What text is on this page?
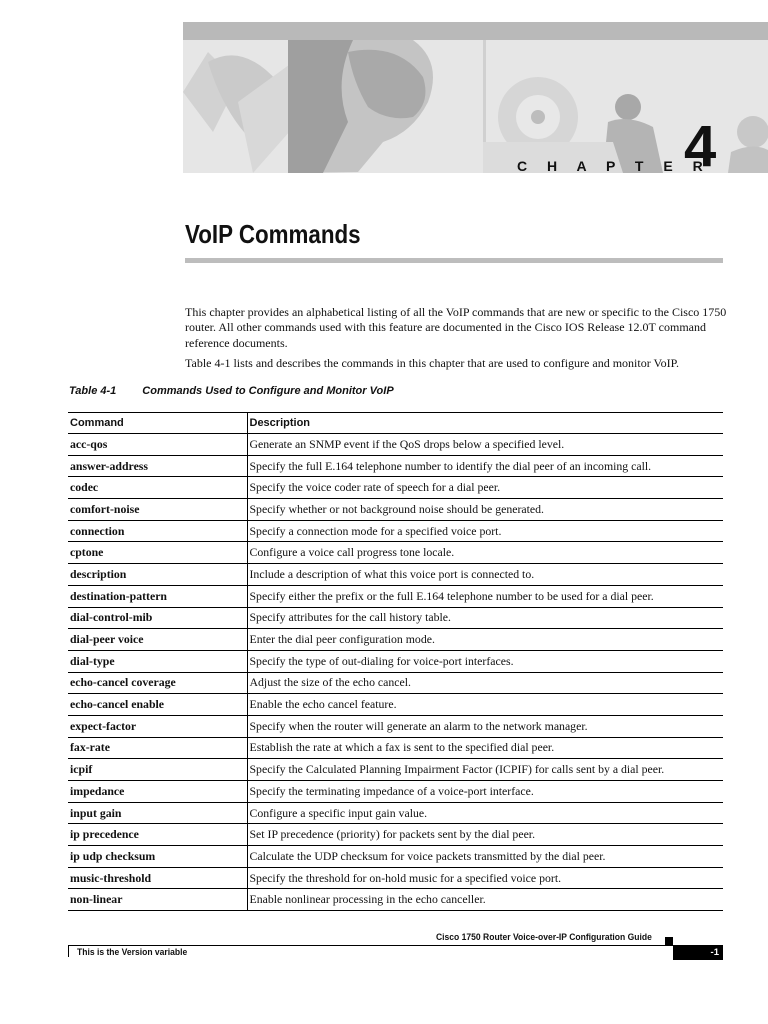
C H A P T E R
4
VoIP Commands

This chapter provides an alphabetical listing of all the VoIP commands that are new or specific to the Cisco 1750 router. All other commands used with this feature are documented in the Cisco IOS Release 12.0T command reference documents.

Table 4-1 lists and describes the commands in this chapter that are used to configure and monitor VoIP.

Table 4-1 Commands Used to Configure and Monitor VoIP
Command	Description
acc-qos	Generate an SNMP event if the QoS drops below a specified level.
answer-address	Specify the full E.164 telephone number to identify the dial peer of an incoming call.
codec	Specify the voice coder rate of speech for a dial peer.
comfort-noise	Specify whether or not background noise should be generated.
connection	Specify a connection mode for a specified voice port.
cptone	Configure a voice call progress tone locale.
description	Include a description of what this voice port is connected to.
destination-pattern	Specify either the prefix or the full E.164 telephone number to be used for a dial peer.
dial-control-mib	Specify attributes for the call history table.
dial-peer voice	Enter the dial peer configuration mode.
dial-type	Specify the type of out-dialing for voice-port interfaces.
echo-cancel coverage	Adjust the size of the echo cancel.
echo-cancel enable	Enable the echo cancel feature.
expect-factor	Specify when the router will generate an alarm to the network manager.
fax-rate	Establish the rate at which a fax is sent to the specified dial peer.
icpif	Specify the Calculated Planning Impairment Factor (ICPIF) for calls sent by a dial peer.
impedance	Specify the terminating impedance of a voice-port interface.
input gain	Configure a specific input gain value.
ip precedence	Set IP precedence (priority) for packets sent by the dial peer.
ip udp checksum	Calculate the UDP checksum for voice packets transmitted by the dial peer.
music-threshold	Specify the threshold for on-hold music for a specified voice port.
non-linear	Enable nonlinear processing in the echo canceller.
Cisco 1750 Router Voice-over-IP Configuration Guide
This is the Version variable	-1
